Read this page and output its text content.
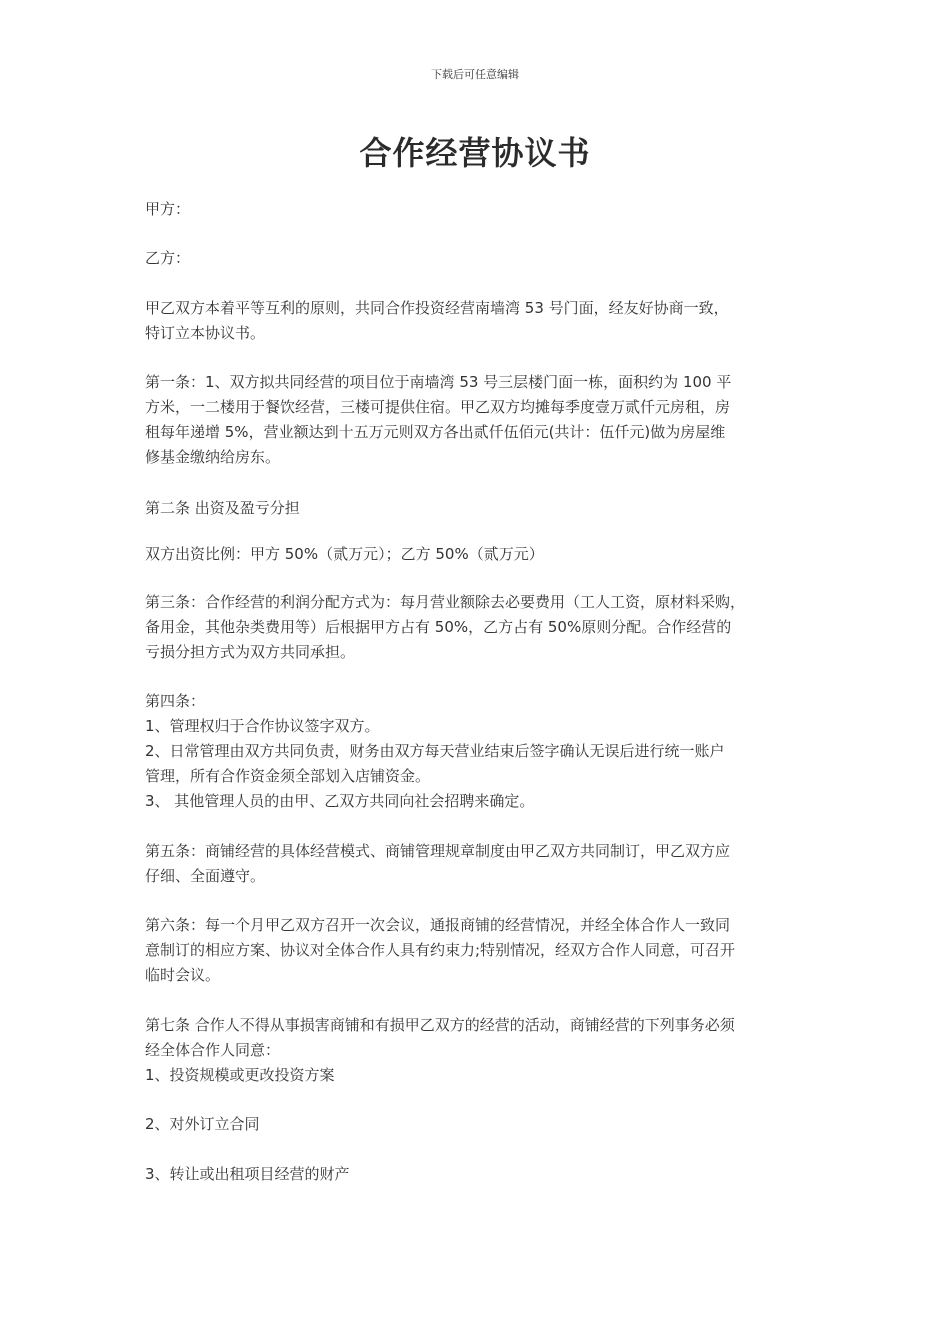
下载后可任意编辑
合作经营协议书
甲方：
乙方：
甲乙双方本着平等互利的原则，共同合作投资经营南墙湾 53 号门面，经友好协商一致，
特订立本协议书。
第一条：1、双方拟共同经营的项目位于南墙湾 53 号三层楼门面一栋，面积约为 100 平
方米，一二楼用于餐饮经营，三楼可提供住宿。甲乙双方均摊每季度壹万贰仟元房租，房
租每年递增 5%，营业额达到十五万元则双方各出贰仟伍佰元(共计：伍仟元)做为房屋维
修基金缴纳给房东。
第二条 出资及盈亏分担
双方出资比例：甲方 50%（贰万元）；乙方 50%（贰万元）
第三条：合作经营的利润分配方式为：每月营业额除去必要费用（工人工资，原材料采购，
备用金，其他杂类费用等）后根据甲方占有 50%，乙方占有 50%原则分配。合作经营的
亏损分担方式为双方共同承担。
第四条：
1、管理权归于合作协议签字双方。
2、日常管理由双方共同负责，财务由双方每天营业结束后签字确认无误后进行统一账户
管理，所有合作资金须全部划入店铺资金。
3、 其他管理人员的由甲、乙双方共同向社会招聘来确定。
第五条：商铺经营的具体经营模式、商铺管理规章制度由甲乙双方共同制订，甲乙双方应
仔细、全面遵守。
第六条：每一个月甲乙双方召开一次会议，通报商铺的经营情况，并经全体合作人一致同
意制订的相应方案、协议对全体合作人具有约束力;特别情况，经双方合作人同意，可召开
临时会议。
第七条 合作人不得从事损害商铺和有损甲乙双方的经营的活动，商铺经营的下列事务必须
经全体合作人同意：
1、投资规模或更改投资方案
2、对外订立合同
3、转让或出租项目经营的财产
